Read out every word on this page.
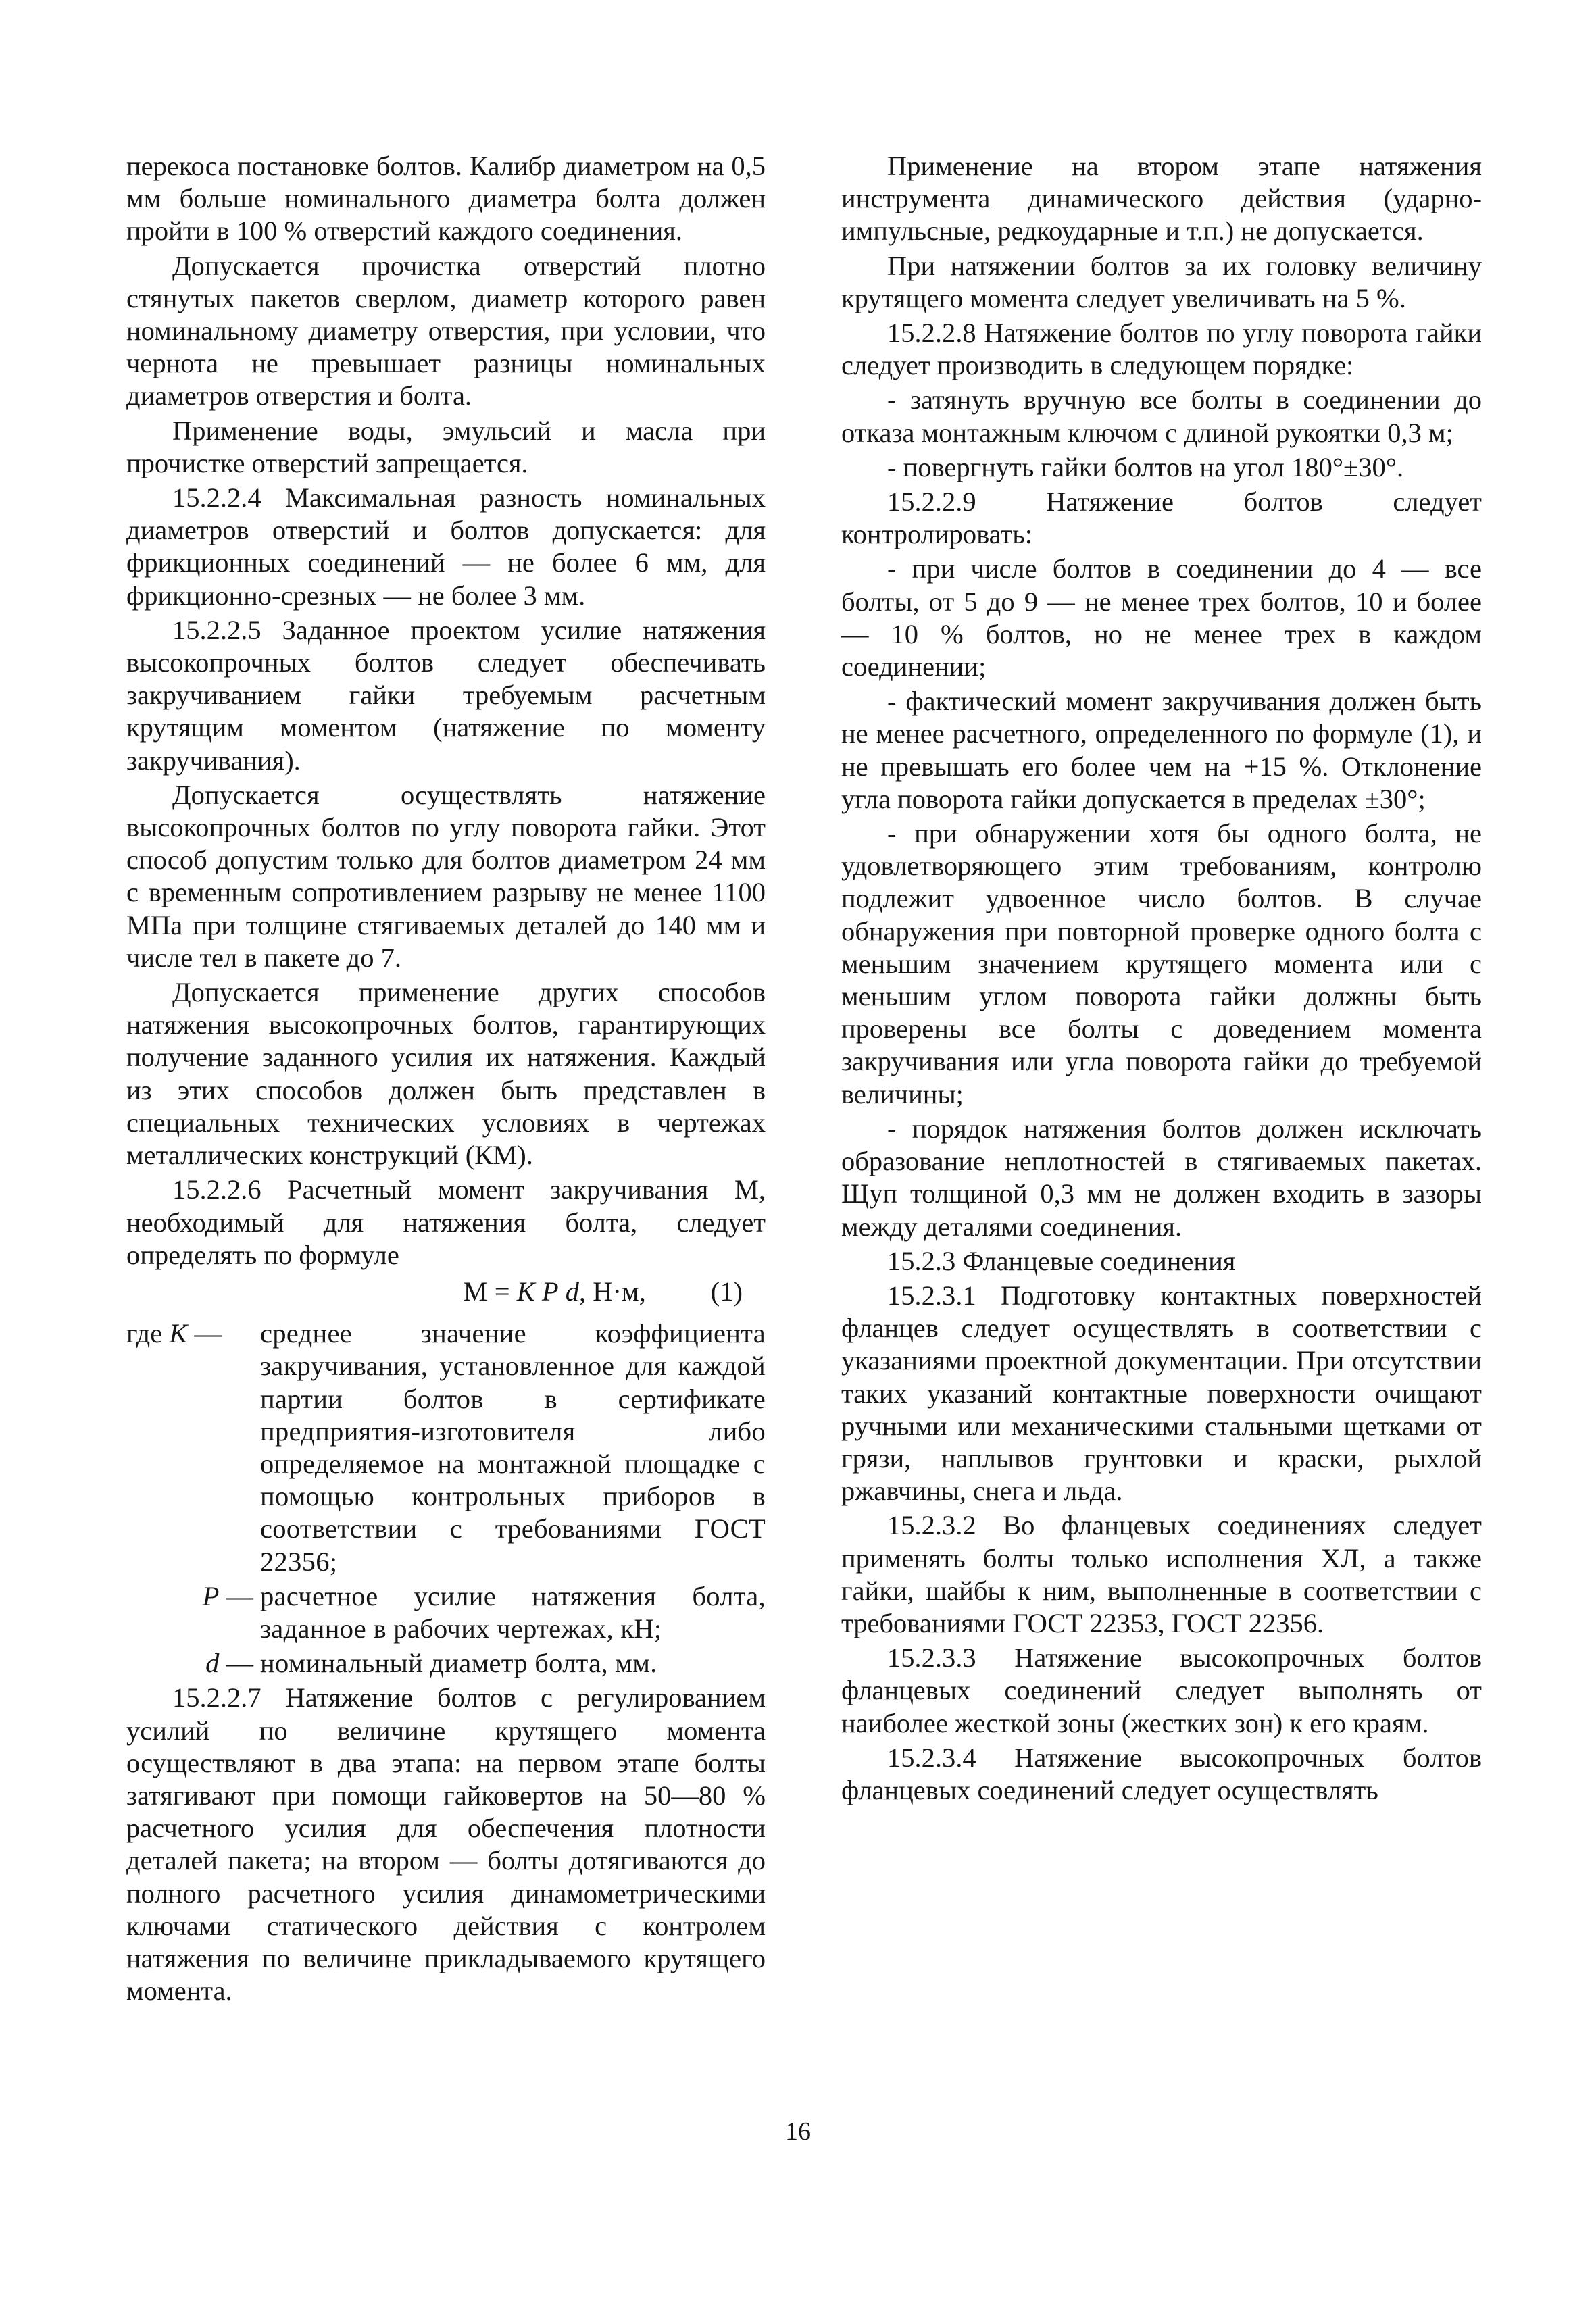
перекоса постановке болтов. Калибр диаметром на 0,5 мм больше номинального диаметра болта должен пройти в 100 % отверстий каждого соединения.

Допускается прочистка отверстий плотно стянутых пакетов сверлом, диаметр которого равен номинальному диаметру отверстия, при условии, что чернота не превышает разницы номинальных диаметров отверстия и болта.

Применение воды, эмульсий и масла при прочистке отверстий запрещается.

15.2.2.4 Максимальная разность номинальных диаметров отверстий и болтов допускается: для фрикционных соединений — не более 6 мм, для фрикционно-срезных — не более 3 мм.

15.2.2.5 Заданное проектом усилие натяжения высокопрочных болтов следует обеспечивать закручиванием гайки требуемым расчетным крутящим моментом (натяжение по моменту закручивания).

Допускается осуществлять натяжение высокопрочных болтов по углу поворота гайки. Этот способ допустим только для болтов диаметром 24 мм с временным сопротивлением разрыву не менее 1100 МПа при толщине стягиваемых деталей до 140 мм и числе тел в пакете до 7.

Допускается применение других способов натяжения высокопрочных болтов, гарантирующих получение заданного усилия их натяжения. Каждый из этих способов должен быть представлен в специальных технических условиях в чертежах металлических конструкций (КМ).

15.2.2.6 Расчетный момент закручивания М, необходимый для натяжения болта, следует определять по формуле

М = K P d, Н·м, (1)
где K —	среднее значение коэффициента закручивания, установленное для каждой партии болтов в сертификате предприятия-изготовителя либо определяемое на монтажной площадке с помощью контрольных приборов в соответствии с требованиями ГОСТ 22356;
P — расчетное усилие натяжения болта, заданное в рабочих чертежах, кН;
d — номинальный диаметр болта, мм.

15.2.2.7 Натяжение болтов с регулированием усилий по величине крутящего момента осуществляют в два этапа: на первом этапе болты затягивают при помощи гайковертов на 50—80 % расчетного усилия для обеспечения плотности деталей пакета; на втором — болты дотягиваются до полного расчетного усилия динамометрическими ключами статического действия с контролем натяжения по величине прикладываемого крутящего момента.

Применение на втором этапе натяжения инструмента динамического действия (ударно-импульсные, редкоударные и т.п.) не допускается.

При натяжении болтов за их головку величину крутящего момента следует увеличивать на 5 %.

15.2.2.8 Натяжение болтов по углу поворота гайки следует производить в следующем порядке:

- затянуть вручную все болты в соединении до отказа монтажным ключом с длиной рукоятки 0,3 м;

- повергнуть гайки болтов на угол 180°±30°.

15.2.2.9 Натяжение болтов следует контролировать:

- при числе болтов в соединении до 4 — все болты, от 5 до 9 — не менее трех болтов, 10 и более — 10 % болтов, но не менее трех в каждом соединении;

- фактический момент закручивания должен быть не менее расчетного, определенного по формуле (1), и не превышать его более чем на +15 %. Отклонение угла поворота гайки допускается в пределах ±30°;

- при обнаружении хотя бы одного болта, не удовлетворяющего этим требованиям, контролю подлежит удвоенное число болтов. В случае обнаружения при повторной проверке одного болта с меньшим значением крутящего момента или с меньшим углом поворота гайки должны быть проверены все болты с доведением момента закручивания или угла поворота гайки до требуемой величины;

- порядок натяжения болтов должен исключать образование неплотностей в стягиваемых пакетах. Щуп толщиной 0,3 мм не должен входить в зазоры между деталями соединения.

15.2.3 Фланцевые соединения

15.2.3.1 Подготовку контактных поверхностей фланцев следует осуществлять в соответствии с указаниями проектной документации. При отсутствии таких указаний контактные поверхности очищают ручными или механическими стальными щетками от грязи, наплывов грунтовки и краски, рыхлой ржавчины, снега и льда.

15.2.3.2 Во фланцевых соединениях следует применять болты только исполнения ХЛ, а также гайки, шайбы к ним, выполненные в соответствии с требованиями ГОСТ 22353, ГОСТ 22356.

15.2.3.3 Натяжение высокопрочных болтов фланцевых соединений следует выполнять от наиболее жесткой зоны (жестких зон) к его краям.

15.2.3.4 Натяжение высокопрочных болтов фланцевых соединений следует осуществлять

16
